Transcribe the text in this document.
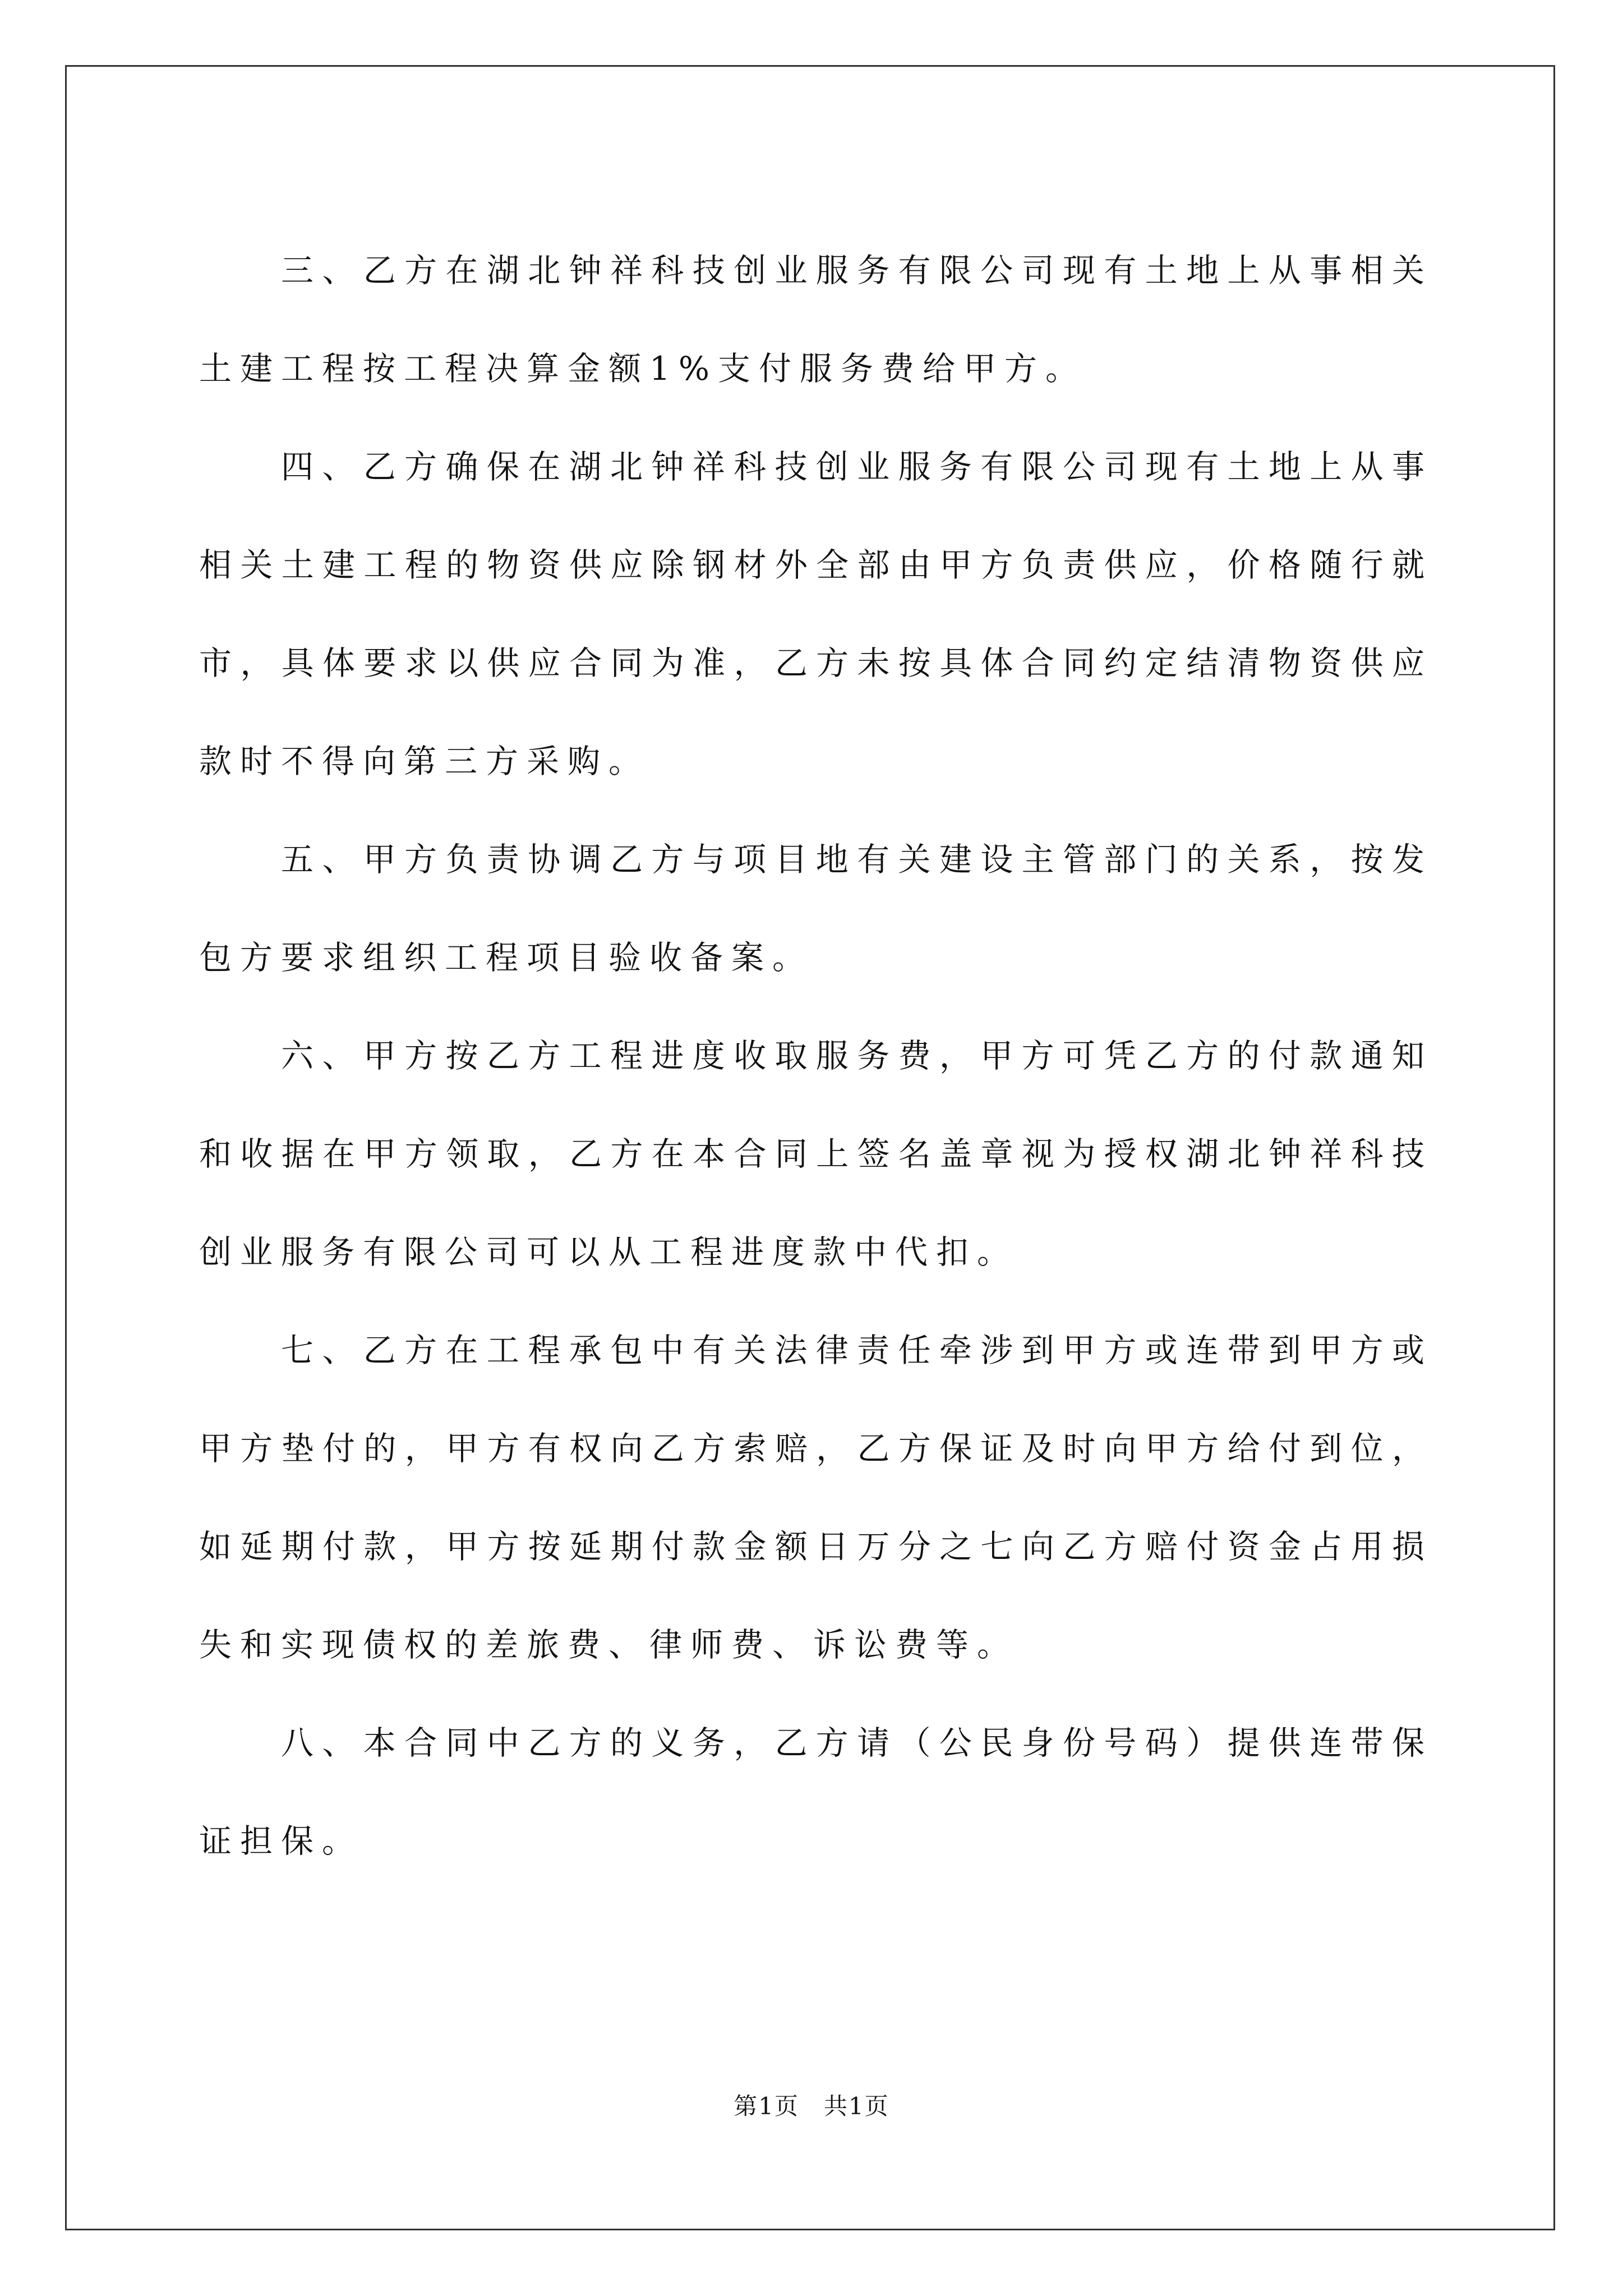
三、乙方在湖北钟祥科技创业服务有限公司现有土地上从事相关土建工程按工程决算金额1%支付服务费给甲方。

四、乙方确保在湖北钟祥科技创业服务有限公司现有土地上从事相关土建工程的物资供应除钢材外全部由甲方负责供应，价格随行就市，具体要求以供应合同为准，乙方未按具体合同约定结清物资供应款时不得向第三方采购。

五、甲方负责协调乙方与项目地有关建设主管部门的关系，按发包方要求组织工程项目验收备案。

六、甲方按乙方工程进度收取服务费，甲方可凭乙方的付款通知和收据在甲方领取，乙方在本合同上签名盖章视为授权湖北钟祥科技创业服务有限公司可以从工程进度款中代扣。

七、乙方在工程承包中有关法律责任牵涉到甲方或连带到甲方或甲方垫付的，甲方有权向乙方索赔，乙方保证及时向甲方给付到位，如延期付款，甲方按延期付款金额日万分之七向乙方赔付资金占用损失和实现债权的差旅费、律师费、诉讼费等。

八、本合同中乙方的义务，乙方请（公民身份号码）提供连带保证担保。

第1页　共1页
